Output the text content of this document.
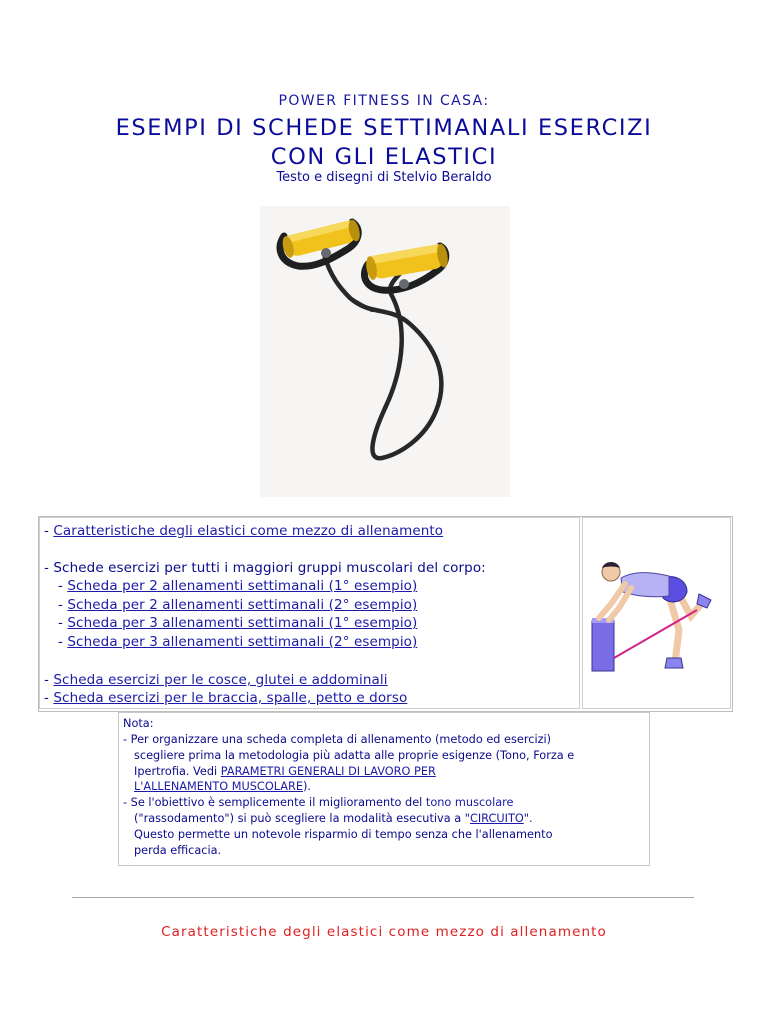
POWER FITNESS IN CASA:
ESEMPI DI SCHEDE SETTIMANALI ESERCIZI
CON GLI ELASTICI
Testo e disegni di Stelvio Beraldo
- Caratteristiche degli elastici come mezzo di allenamento
- Schede esercizi per tutti i maggiori gruppi muscolari del corpo:
- Scheda per 2 allenamenti settimanali (1° esempio)
- Scheda per 2 allenamenti settimanali (2° esempio)
- Scheda per 3 allenamenti settimanali (1° esempio)
- Scheda per 3 allenamenti settimanali (2° esempio)
- Scheda esercizi per le cosce, glutei e addominali
- Scheda esercizi per le braccia, spalle, petto e dorso
Nota:
- Per organizzare una scheda completa di allenamento (metodo ed esercizi)
scegliere prima la metodologia più adatta alle proprie esigenze (Tono, Forza e
Ipertrofia. Vedi PARAMETRI GENERALI DI LAVORO PER
L'ALLENAMENTO MUSCOLARE).
- Se l'obiettivo è semplicemente il miglioramento del tono muscolare
("rassodamento") si può scegliere la modalità esecutiva a "CIRCUITO".
Questo permette un notevole risparmio di tempo senza che l'allenamento
perda efficacia.
Caratteristiche degli elastici come mezzo di allenamento
